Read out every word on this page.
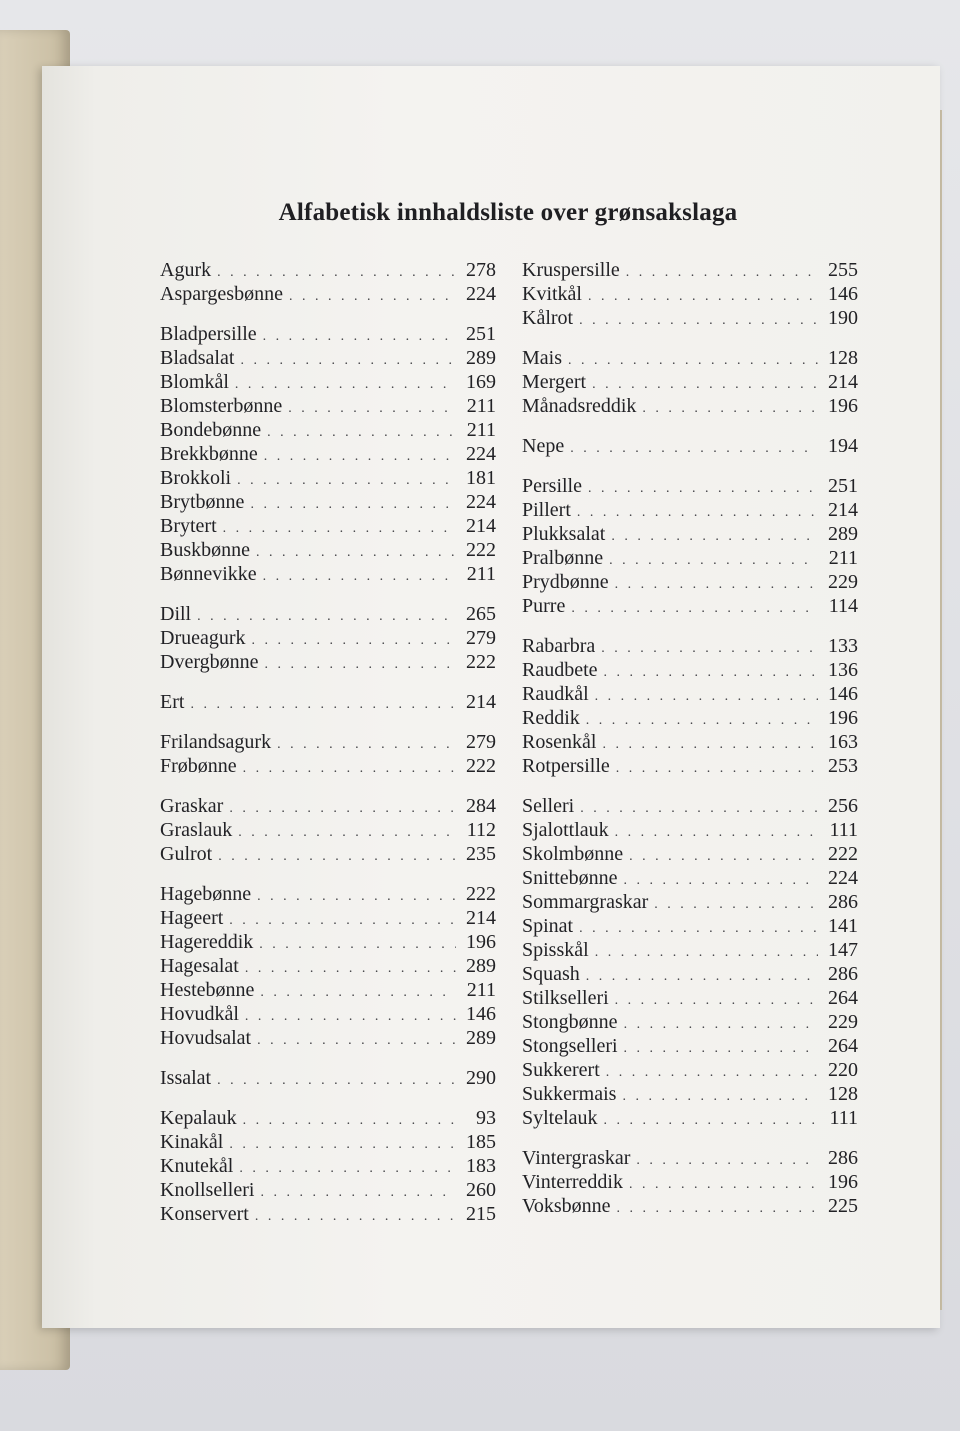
Alfabetisk innhaldsliste over grønsakslaga
Agurk . . .	278
Aspargesbønne . . .	224
Bladpersille . . .	251
Bladsalat . . .	289
Blomkål . . .	169
Blomsterbønne . . .	211
Bondebønne . . .	211
Brekkbønne . . .	224
Brokkoli . . .	181
Brytbønne . . .	224
Brytert . . .	214
Buskbønne . . .	222
Bønnevikke . . .	211
Dill . . .	265
Drueagurk . . .	279
Dvergbønne . . .	222
Ert . . .	214
Frilandsagurk . . .	279
Frøbønne . . .	222
Graskar . . .	284
Graslauk . . .	112
Gulrot . . .	235
Hagebønne . . .	222
Hageert . . .	214
Hagereddik . . .	196
Hagesalat . . .	289
Hestebønne . . .	211
Hovudkål . . .	146
Hovudsalat . . .	289
Issalat . . .	290
Kepalauk . . .	93
Kinakål . . .	185
Knutekål . . .	183
Knollselleri . . .	260
Konservert . . .	215
Kruspersille . . .	255
Kvitkål . . .	146
Kålrot . . .	190
Mais . . .	128
Mergert . . .	214
Månadsreddik . . .	196
Nepe . . .	194
Persille . . .	251
Pillert . . .	214
Plukksalat . . .	289
Pralbønne . . .	211
Prydbønne . . .	229
Purre . . .	114
Rabarbra . . .	133
Raudbete . . .	136
Raudkål . . .	146
Reddik . . .	196
Rosenkål . . .	163
Rotpersille . . .	253
Selleri . . .	256
Sjalottlauk . . .	111
Skolmbønne . . .	222
Snittebønne . . .	224
Sommargraskar . . .	286
Spinat . . .	141
Spisskål . . .	147
Squash . . .	286
Stilkselleri . . .	264
Stongbønne . . .	229
Stongselleri . . .	264
Sukkerert . . .	220
Sukkermais . . .	128
Syltelauk . . .	111
Vintergraskar . . .	286
Vinterreddik . . .	196
Voksbønne . . .	225
